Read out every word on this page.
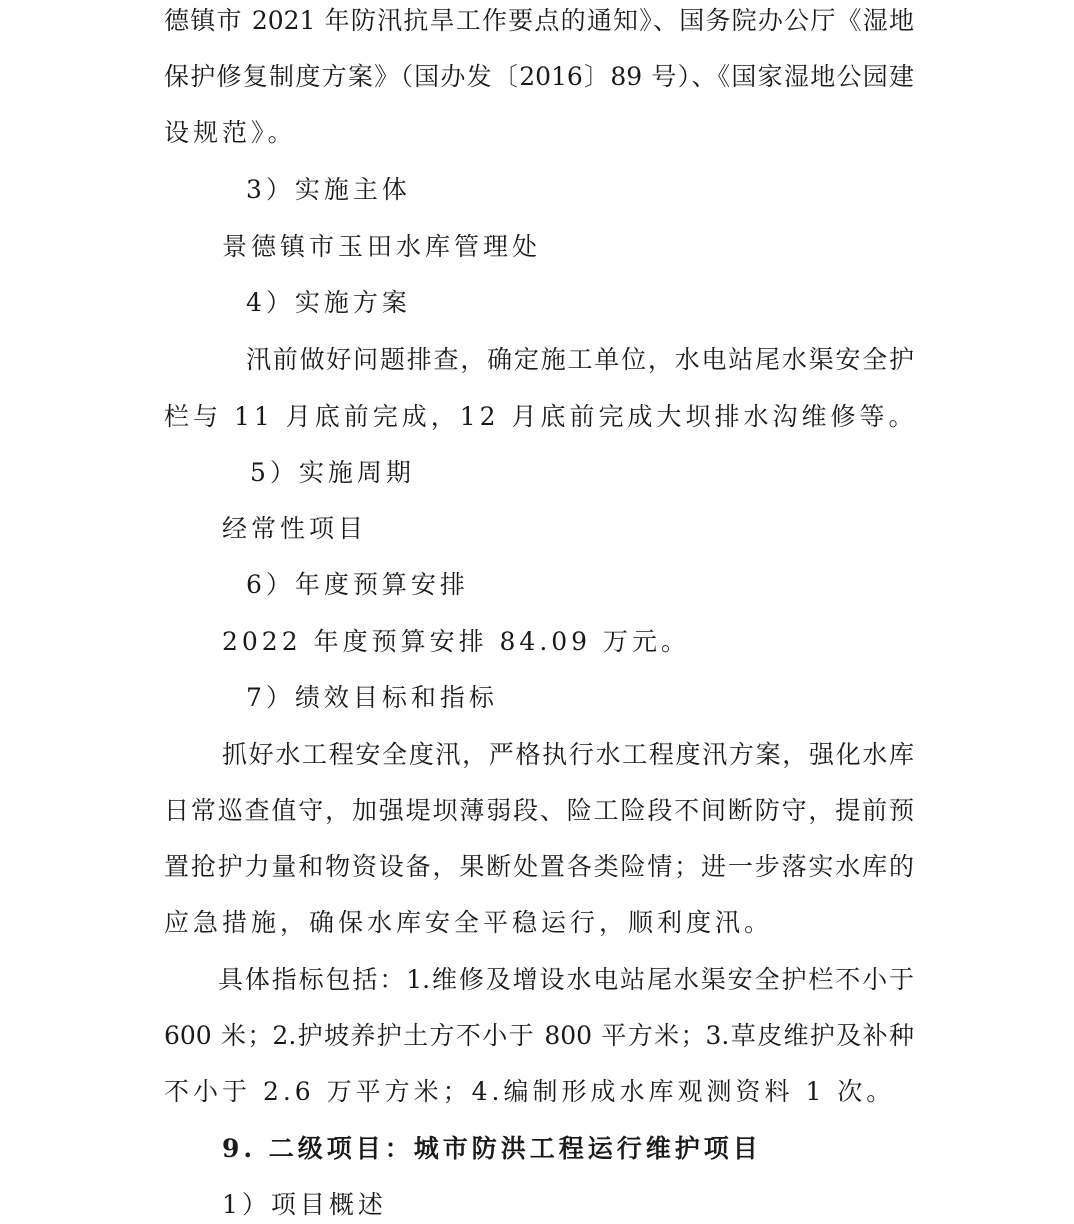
德镇市 2021 年防汛抗旱工作要点的通知》、国务院办公厅《湿地
保护修复制度方案》（国办发〔2016〕89 号）、《国家湿地公园建
设规范》。
3）实施主体
景德镇市玉田水库管理处
4）实施方案
汛前做好问题排查，确定施工单位，水电站尾水渠安全护
栏与 11 月底前完成，12 月底前完成大坝排水沟维修等。
5）实施周期
经常性项目
6）年度预算安排
2022 年度预算安排 84.09 万元。
7）绩效目标和指标
抓好水工程安全度汛，严格执行水工程度汛方案，强化水库
日常巡查值守，加强堤坝薄弱段、险工险段不间断防守，提前预
置抢护力量和物资设备，果断处置各类险情；进一步落实水库的
应急措施，确保水库安全平稳运行，顺利度汛。
具体指标包括：1.维修及增设水电站尾水渠安全护栏不小于
600 米；2.护坡养护土方不小于 800 平方米；3.草皮维护及补种
不小于 2.6 万平方米；4.编制形成水库观测资料 1 次。
9. 二级项目：城市防洪工程运行维护项目
1）项目概述
